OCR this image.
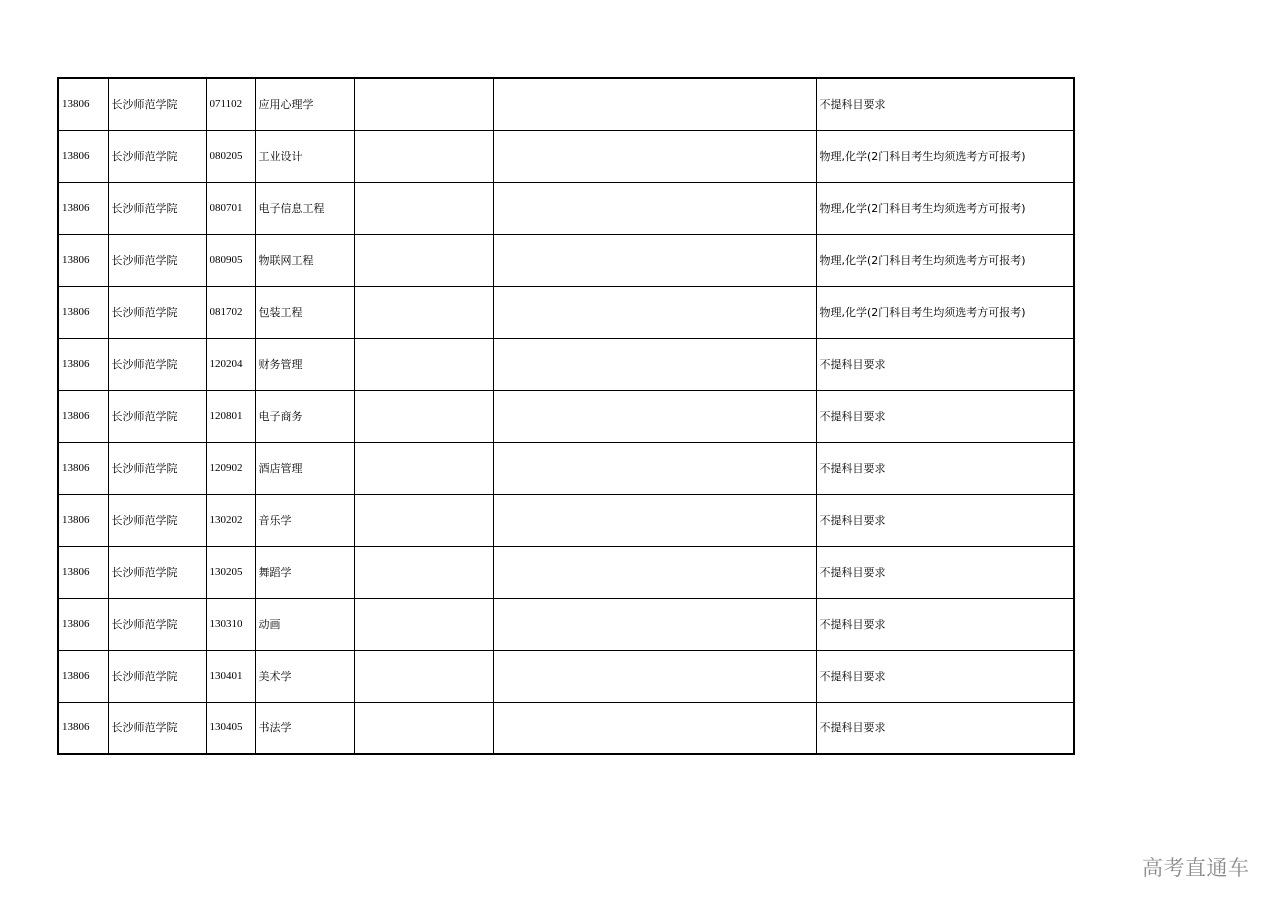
13806	长沙师范学院	071102	应用心理学			不提科目要求
13806	长沙师范学院	080205	工业设计			物理,化学(2门科目考生均须选考方可报考)
13806	长沙师范学院	080701	电子信息工程			物理,化学(2门科目考生均须选考方可报考)
13806	长沙师范学院	080905	物联网工程			物理,化学(2门科目考生均须选考方可报考)
13806	长沙师范学院	081702	包装工程			物理,化学(2门科目考生均须选考方可报考)
13806	长沙师范学院	120204	财务管理			不提科目要求
13806	长沙师范学院	120801	电子商务			不提科目要求
13806	长沙师范学院	120902	酒店管理			不提科目要求
13806	长沙师范学院	130202	音乐学			不提科目要求
13806	长沙师范学院	130205	舞蹈学			不提科目要求
13806	长沙师范学院	130310	动画			不提科目要求
13806	长沙师范学院	130401	美术学			不提科目要求
13806	长沙师范学院	130405	书法学			不提科目要求
高考直通车
